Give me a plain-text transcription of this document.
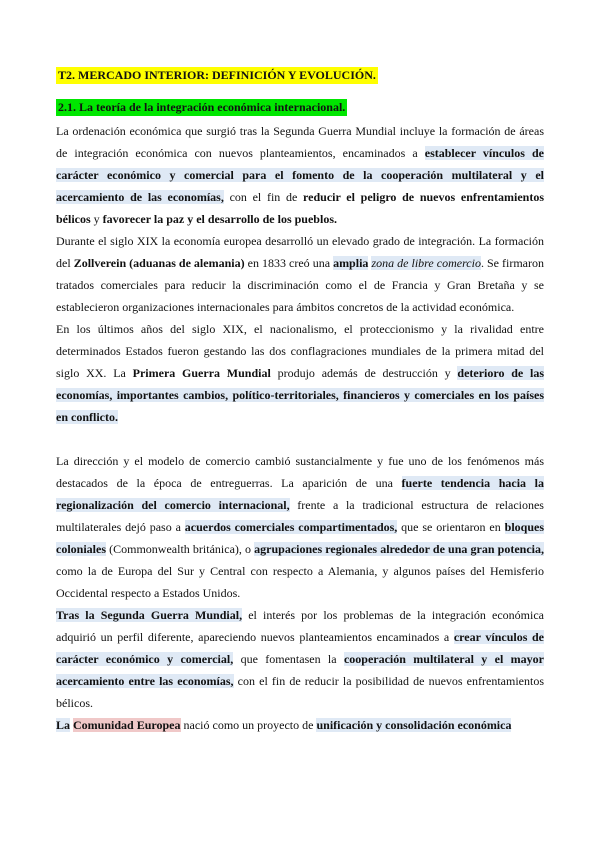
T2. MERCADO INTERIOR: DEFINICIÓN Y EVOLUCIÓN.
2.1. La teoría de la integración económica internacional.

La ordenación económica que surgió tras la Segunda Guerra Mundial incluye la formación de áreas de integración económica con nuevos planteamientos, encaminados a establecer vínculos de carácter económico y comercial para el fomento de la cooperación multilateral y el acercamiento de las economías, con el fin de reducir el peligro de nuevos enfrentamientos bélicos y favorecer la paz y el desarrollo de los pueblos.

Durante el siglo XIX la economía europea desarrolló un elevado grado de integración. La formación del Zollverein (aduanas de alemania) en 1833 creó una amplia zona de libre comercio. Se firmaron tratados comerciales para reducir la discriminación como el de Francia y Gran Bretaña y se establecieron organizaciones internacionales para ámbitos concretos de la actividad económica.

En los últimos años del siglo XIX, el nacionalismo, el proteccionismo y la rivalidad entre determinados Estados fueron gestando las dos conflagraciones mundiales de la primera mitad del siglo XX. La Primera Guerra Mundial produjo además de destrucción y deterioro de las economías, importantes cambios, político-territoriales, financieros y comerciales en los países en conflicto.

La dirección y el modelo de comercio cambió sustancialmente y fue uno de los fenómenos más destacados de la época de entreguerras. La aparición de una fuerte tendencia hacia la regionalización del comercio internacional, frente a la tradicional estructura de relaciones multilaterales dejó paso a acuerdos comerciales compartimentados, que se orientaron en bloques coloniales (Commonwealth británica), o agrupaciones regionales alrededor de una gran potencia, como la de Europa del Sur y Central con respecto a Alemania, y algunos países del Hemisferio Occidental respecto a Estados Unidos.

Tras la Segunda Guerra Mundial, el interés por los problemas de la integración económica adquirió un perfil diferente, apareciendo nuevos planteamientos encaminados a crear vínculos de carácter económico y comercial, que fomentasen la cooperación multilateral y el mayor acercamiento entre las economías, con el fin de reducir la posibilidad de nuevos enfrentamientos bélicos.

La Comunidad Europea nació como un proyecto de unificación y consolidación económica
